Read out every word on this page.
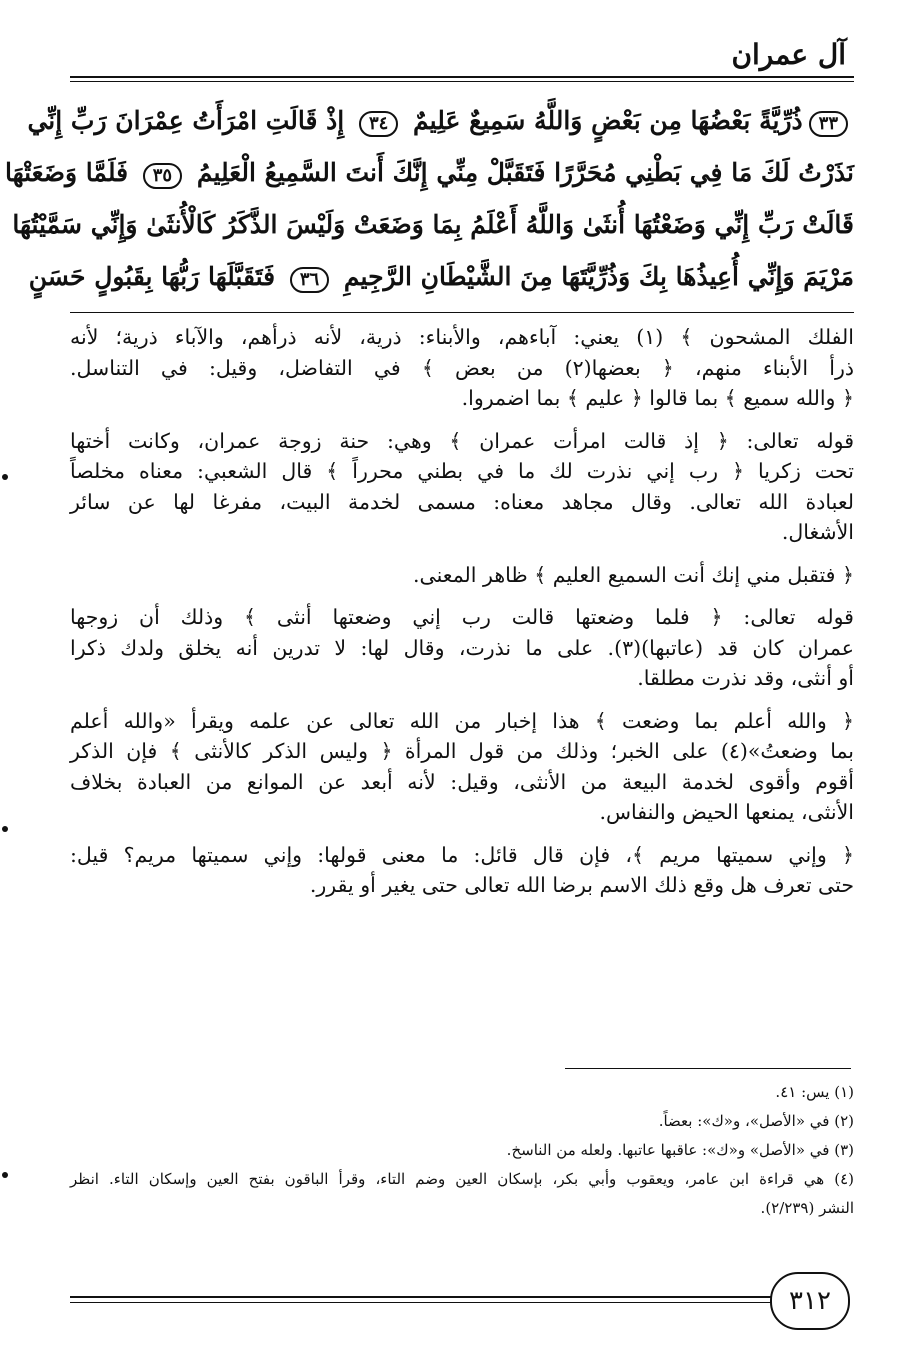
آل عمران
٣٣ذُرِّيَّةً بَعْضُهَا مِن بَعْضٍ وَاللَّهُ سَمِيعٌ عَلِيمٌ ٣٤ إِذْ قَالَتِ امْرَأَتُ عِمْرَانَ رَبِّ إِنِّي
نَذَرْتُ لَكَ مَا فِي بَطْنِي مُحَرَّرًا فَتَقَبَّلْ مِنِّي إِنَّكَ أَنتَ السَّمِيعُ الْعَلِيمُ ٣٥ فَلَمَّا وَضَعَتْهَا
قَالَتْ رَبِّ إِنِّي وَضَعْتُهَا أُنثَىٰ وَاللَّهُ أَعْلَمُ بِمَا وَضَعَتْ وَلَيْسَ الذَّكَرُ كَالْأُنثَىٰ وَإِنِّي سَمَّيْتُهَا
مَرْيَمَ وَإِنِّي أُعِيذُهَا بِكَ وَذُرِّيَّتَهَا مِنَ الشَّيْطَانِ الرَّجِيمِ ٣٦ فَتَقَبَّلَهَا رَبُّهَا بِقَبُولٍ حَسَنٍ
الفلك المشحون ﴾ (١) يعني: آباءهم، والأبناء: ذرية، لأنه ذرأهم، والآباء ذرية؛ لأنه
ذرأ الأبناء منهم، ﴿ بعضها(٢) من بعض ﴾ في التفاضل، وقيل: في التناسل.
﴿ والله سميع ﴾ بما قالوا ﴿ عليم ﴾ بما اضمروا.
قوله تعالى: ﴿ إذ قالت امرأت عمران ﴾ وهي: حنة زوجة عمران، وكانت أختها
تحت زكريا ﴿ رب إني نذرت لك ما في بطني محرراً ﴾ قال الشعبي: معناه مخلصاً
لعبادة الله تعالى. وقال مجاهد معناه: مسمى لخدمة البيت، مفرغا لها عن سائر
الأشغال.
﴿ فتقبل مني إنك أنت السميع العليم ﴾ ظاهر المعنى.
قوله تعالى: ﴿ فلما وضعتها قالت رب إني وضعتها أنثى ﴾ وذلك أن زوجها
عمران كان قد (عاتبها)(٣). على ما نذرت، وقال لها: لا تدرين أنه يخلق ولدك ذكرا
أو أنثى، وقد نذرت مطلقا.
﴿ والله أعلم بما وضعت ﴾ هذا إخبار من الله تعالى عن علمه ويقرأ «والله أعلم
بما وضعتُ»(٤) على الخبر؛ وذلك من قول المرأة ﴿ وليس الذكر كالأنثى ﴾ فإن الذكر
أقوم وأقوى لخدمة البيعة من الأنثى، وقيل: لأنه أبعد عن الموانع من العبادة بخلاف
الأنثى، يمنعها الحيض والنفاس.
﴿ وإني سميتها مريم ﴾، فإن قال قائل: ما معنى قولها: وإني سميتها مريم؟ قيل:
حتى تعرف هل وقع ذلك الاسم برضا الله تعالى حتى يغير أو يقرر.
(١) يس: ٤١.
(٢) في «الأصل»، و«ك»: بعضاً.
(٣) في «الأصل» و«ك»: عاقبها عاتبها. ولعله من الناسخ.
(٤) هي قراءة ابن عامر، ويعقوب وأبي بكر، بإسكان العين وضم التاء، وقرأ الباقون بفتح العين وإسكان التاء. انظر
النشر (٢/٢٣٩).
٣١٢
